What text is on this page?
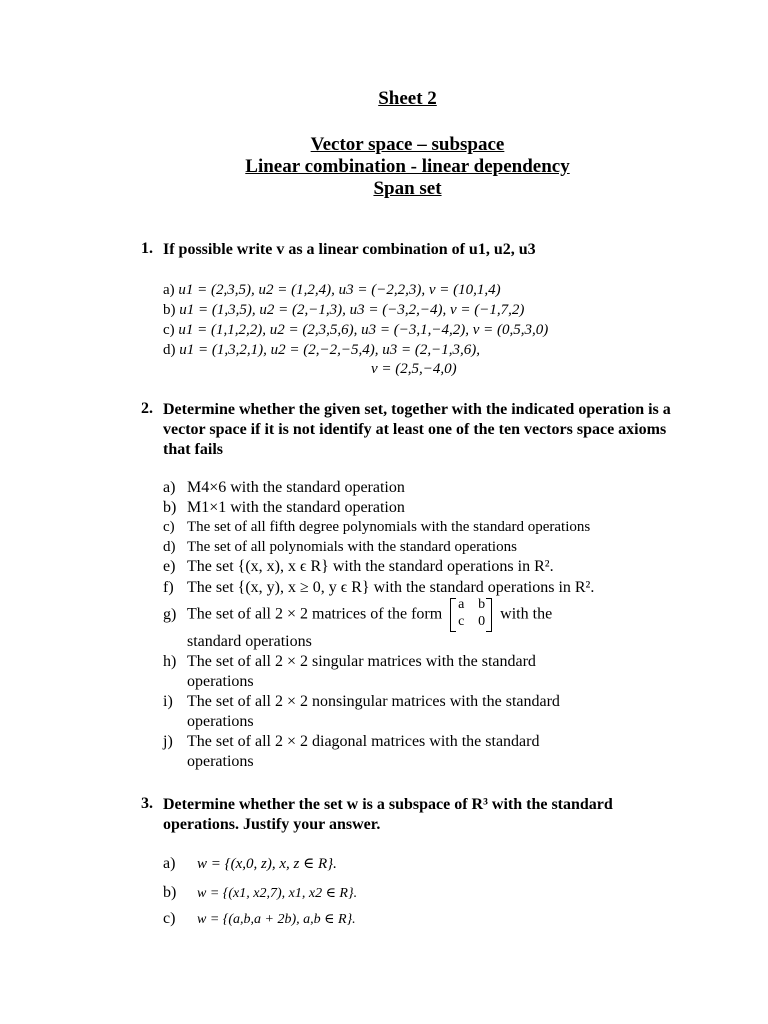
Sheet 2
Vector space – subspace
Linear combination - linear dependency
Span set
1. If possible write v as a linear combination of u1, u2, u3
a) u1 = (2,3,5), u2 = (1,2,4), u3 = (−2,2,3), v = (10,1,4)
b) u1 = (1,3,5), u2 = (2,−1,3), u3 = (−3,2,−4), v = (−1,7,2)
c) u1 = (1,1,2,2), u2 = (2,3,5,6), u3 = (−3,1,−4,2), v = (0,5,3,0)
d) u1 = (1,3,2,1), u2 = (2,−2,−5,4), u3 = (2,−1,3,6),
v = (2,5,−4,0)
2. Determine whether the given set, together with the indicated operation is a vector space if it is not identify at least one of the ten vectors space axioms that fails
a) M4×6 with the standard operation
b) M1×1 with the standard operation
c) The set of all fifth degree polynomials with the standard operations
d) The set of all polynomials with the standard operations
e) The set {(x, x), x ϵ R} with the standard operations in R².
f) The set {(x, y), x ≥ 0, y ϵ R} with the standard operations in R².
g) The set of all 2 × 2 matrices of the form
a b
c 0 with the
standard operations
h) The set of all 2 × 2 singular matrices with the standard
operations
i) The set of all 2 × 2 nonsingular matrices with the standard
operations
j) The set of all 2 × 2 diagonal matrices with the standard
operations
3. Determine whether the set w is a subspace of R³ with the standard operations. Justify your answer.
a) w = {(x,0, z), x, z ∈ R}.
b) w = {(x1, x2,7), x1, x2 ∈ R}.
c) w = {(a,b,a + 2b), a,b ∈ R}.
